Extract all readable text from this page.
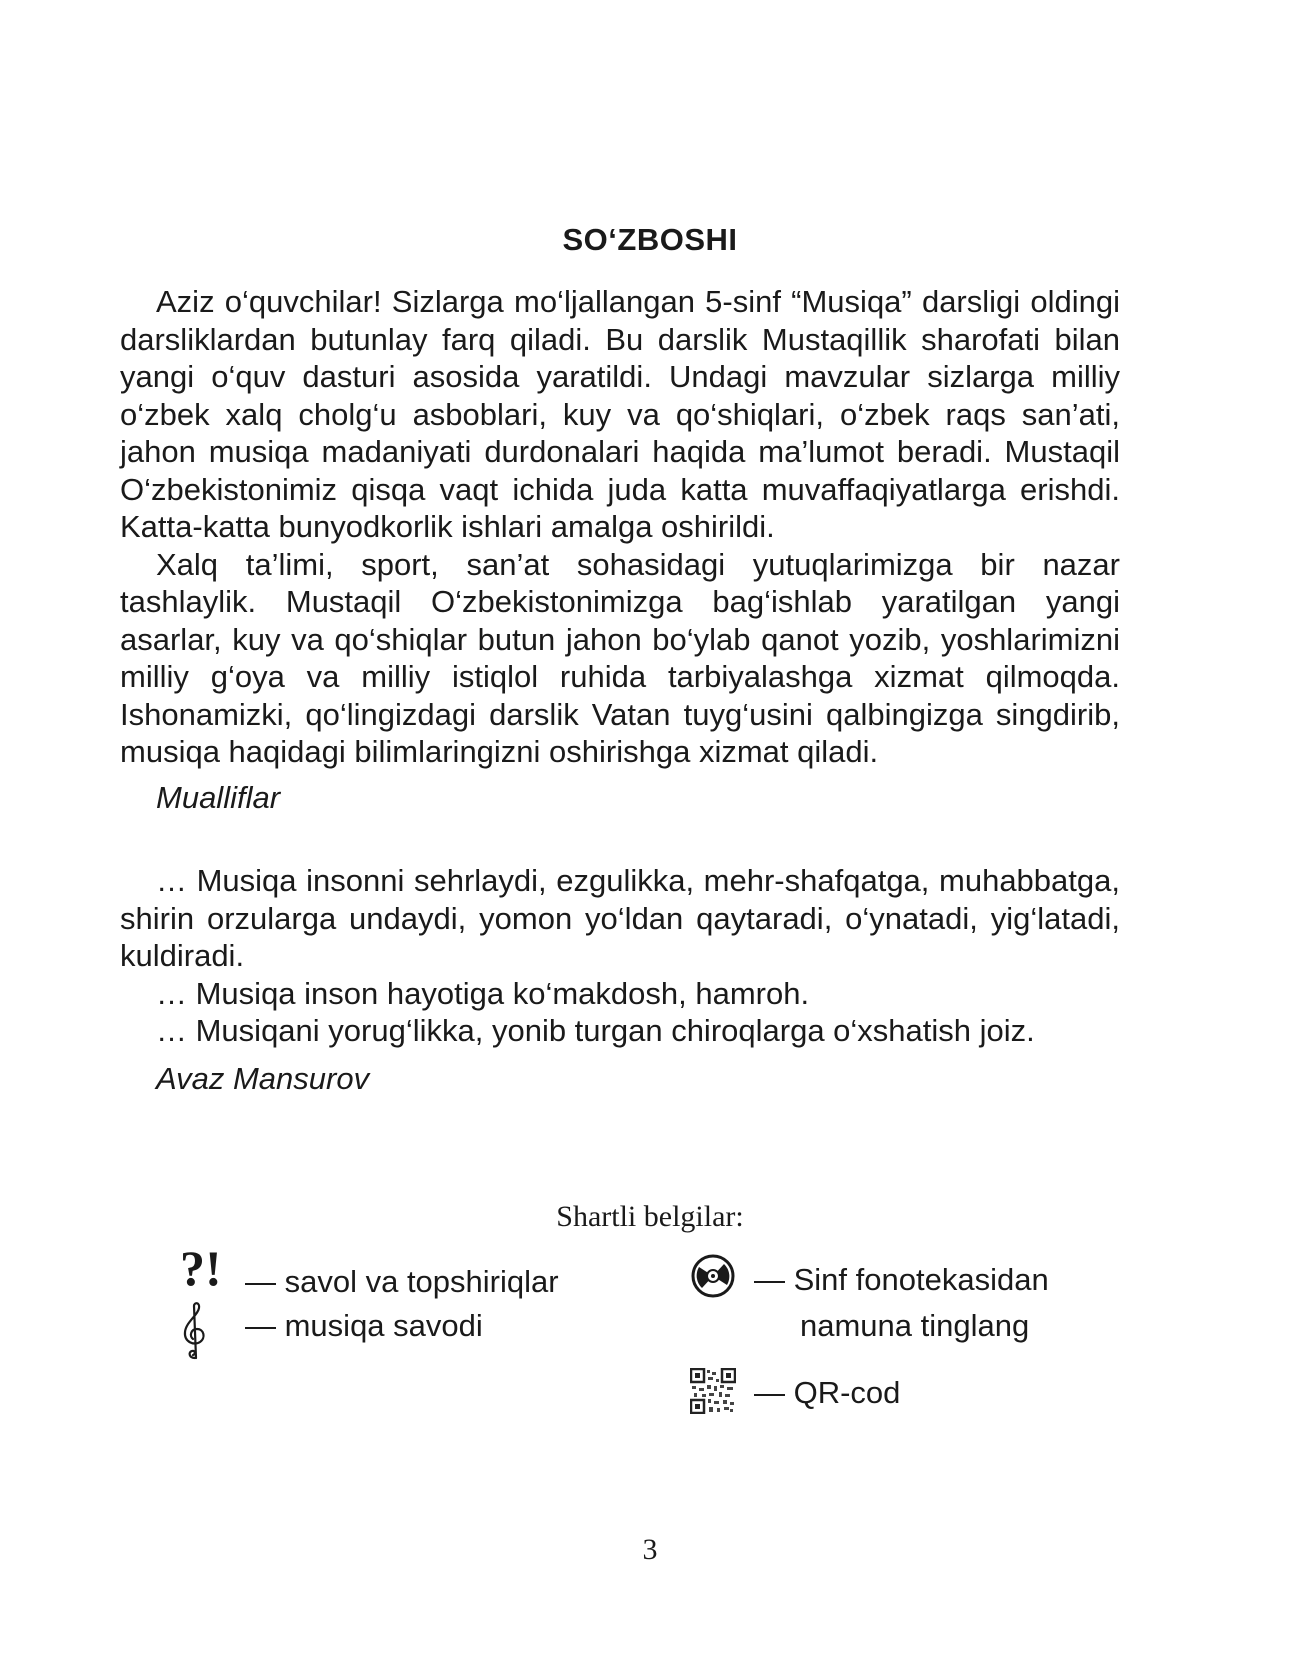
SO‘ZBOSHI

Aziz o‘quvchilar! Sizlarga mo‘ljallangan 5-sinf “Musiqa” darsligi oldingi darsliklardan butunlay farq qiladi. Bu darslik Mustaqillik sharofati bilan yangi o‘quv dasturi asosida yaratildi. Undagi mavzular sizlarga milliy o‘zbek xalq cholg‘u asboblari, kuy va qo‘shiqlari, o‘zbek raqs san’ati, jahon musiqa madaniyati durdonalari haqida ma’lumot beradi. Mustaqil O‘zbekistonimiz qisqa vaqt ichida juda katta muvaffaqiyatlarga erishdi. Katta-katta bunyodkorlik ishlari amalga oshirildi.

Xalq ta’limi, sport, san’at sohasidagi yutuqlarimizga bir nazar tashlaylik. Mustaqil O‘zbekistonimizga bag‘ishlab yaratilgan yangi asarlar, kuy va qo‘shiqlar butun jahon bo‘ylab qanot yozib, yoshlarimizni milliy g‘oya va milliy istiqlol ruhida tarbiyalashga xizmat qilmoqda. Ishonamizki, qo‘lingizdagi darslik Vatan tuyg‘usini qalbingizga singdirib, musiqa haqidagi bilimlaringizni oshirishga xizmat qiladi.

Mualliflar

… Musiqa insonni sehrlaydi, ezgulikka, mehr-shafqatga, muhabbatga, shirin orzularga undaydi, yomon yo‘ldan qaytaradi, o‘ynatadi, yig‘latadi, kuldiradi.

… Musiqa inson hayotiga ko‘makdosh, hamroh.

… Musiqani yorug‘likka, yonib turgan chiroqlarga o‘xshatish joiz.

Avaz Mansurov

Shartli belgilar:
?! — savol va topshiriqlar
— musiqa savodi
— Sinf fonotekasidan
namuna tinglang
— QR-cod
3
